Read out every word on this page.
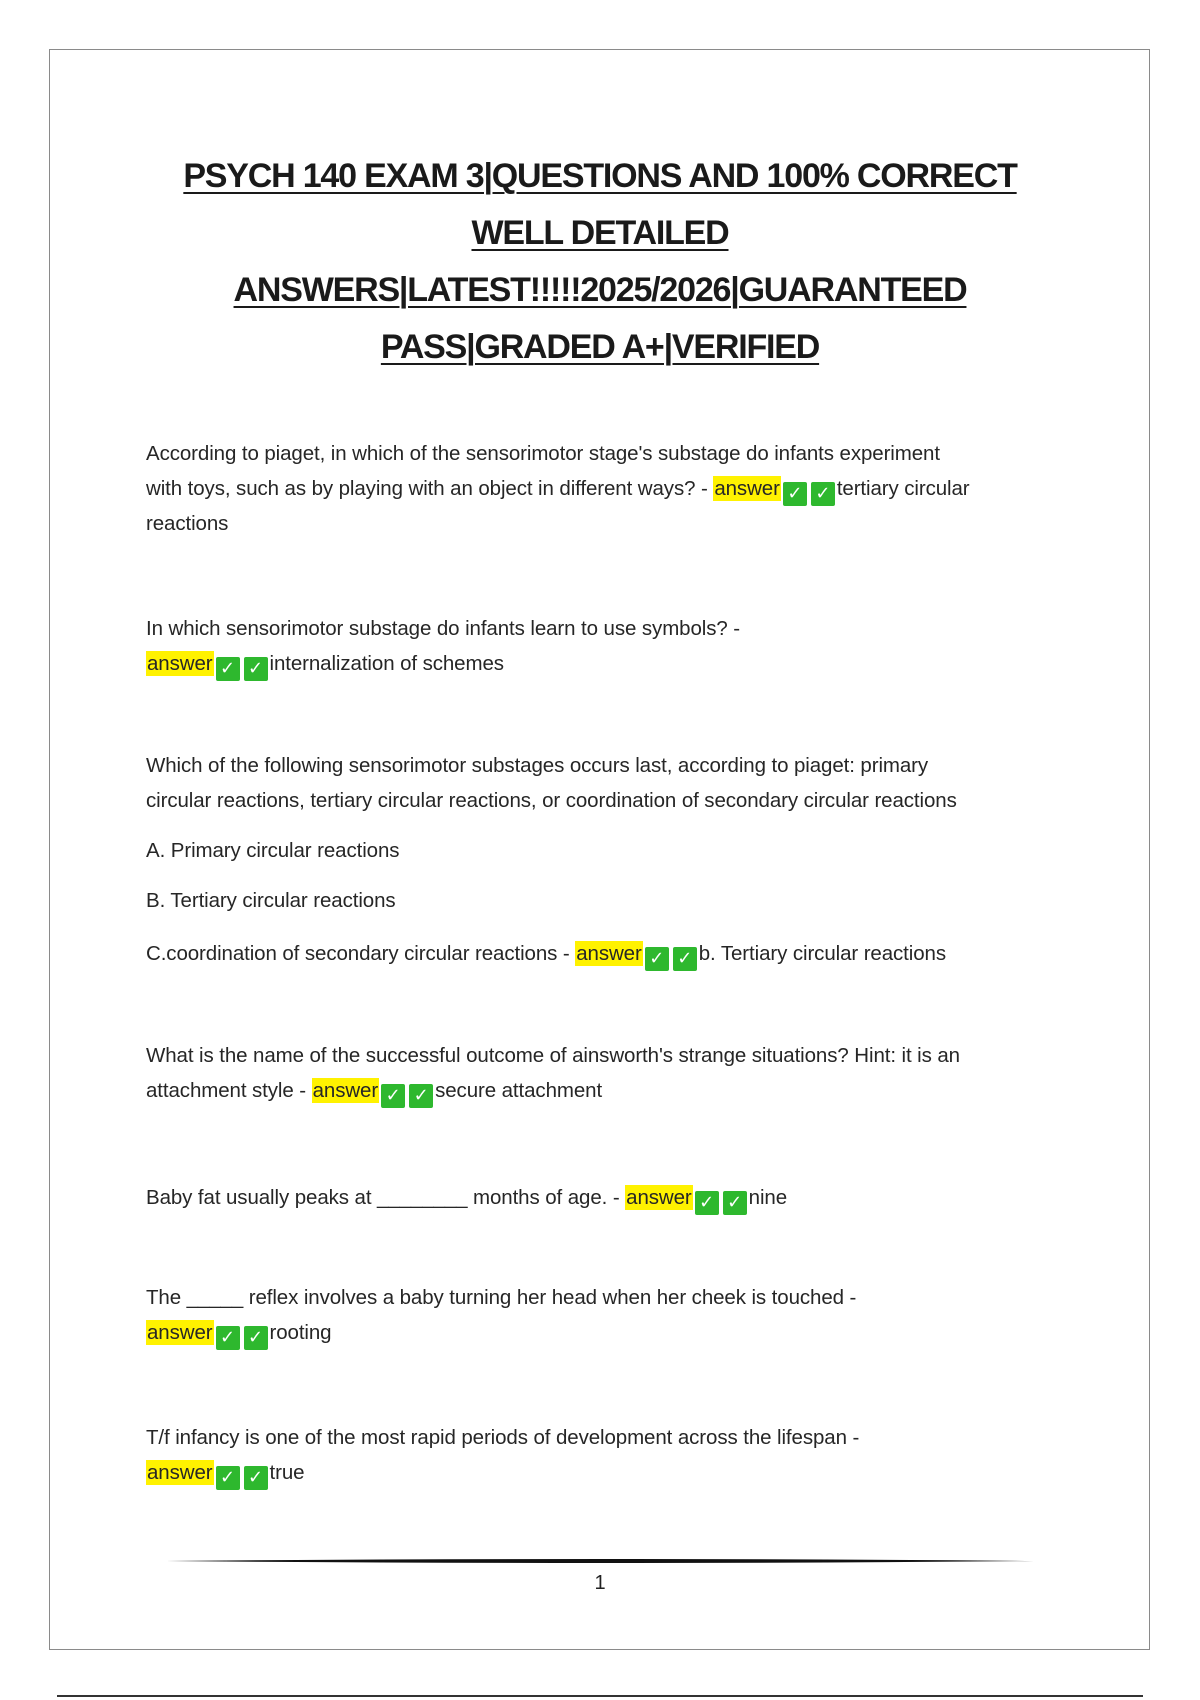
PSYCH 140 EXAM 3|QUESTIONS AND 100% CORRECT
WELL DETAILED
ANSWERS|LATEST!!!!!2025/2026|GUARANTEED
PASS|GRADED A+|VERIFIED

According to piaget, in which of the sensorimotor stage's substage do infants experiment

with toys, such as by playing with an object in different ways? - answer ✓ ✓ tertiary circular

reactions

In which sensorimotor substage do infants learn to use symbols? -

answer ✓ ✓ internalization of schemes

Which of the following sensorimotor substages occurs last, according to piaget: primary

circular reactions, tertiary circular reactions, or coordination of secondary circular reactions

A. Primary circular reactions

B. Tertiary circular reactions

C.coordination of secondary circular reactions - answer ✓ ✓ b. Tertiary circular reactions

What is the name of the successful outcome of ainsworth's strange situations? Hint: it is an

attachment style - answer ✓ ✓ secure attachment

Baby fat usually peaks at ________ months of age. - answer ✓ ✓ nine

The _____ reflex involves a baby turning her head when her cheek is touched -

answer ✓ ✓ rooting

T/f infancy is one of the most rapid periods of development across the lifespan -

answer ✓ ✓ true

1
